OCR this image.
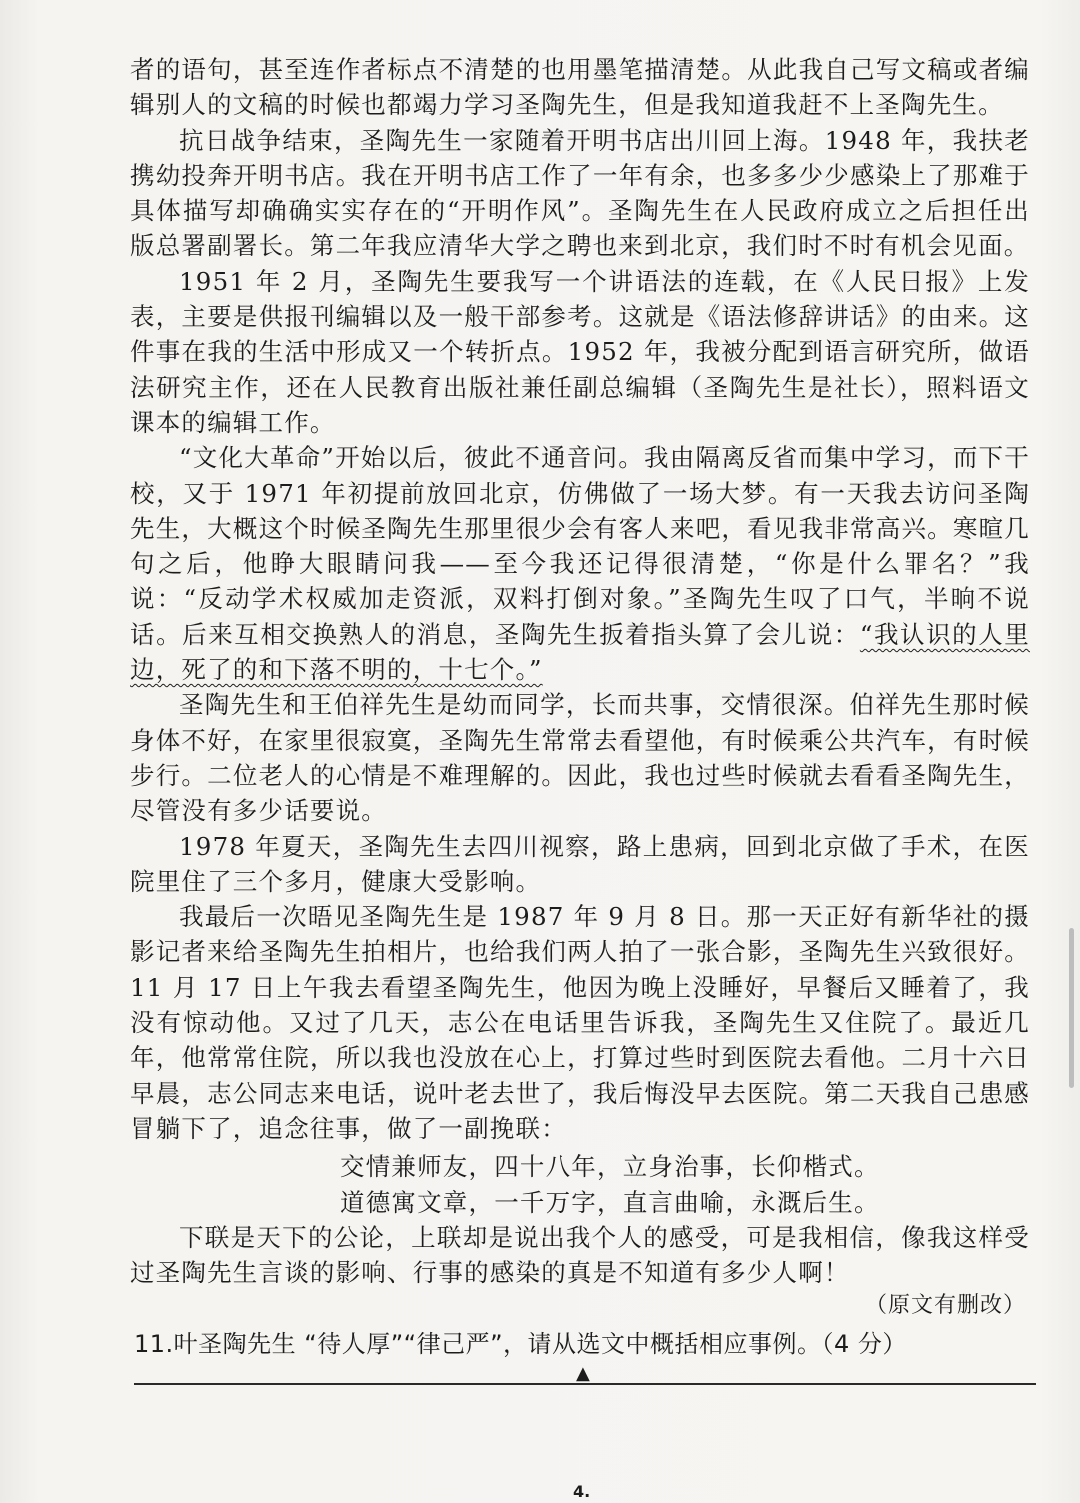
者的语句，甚至连作者标点不清楚的也用墨笔描清楚。从此我自己写文稿或者编辑别人的文稿的时候也都竭力学习圣陶先生，但是我知道我赶不上圣陶先生。

抗日战争结束，圣陶先生一家随着开明书店出川回上海。1948 年，我扶老携幼投奔开明书店。我在开明书店工作了一年有余，也多多少少感染上了那难于具体描写却确确实实存在的“开明作风”。圣陶先生在人民政府成立之后担任出版总署副署长。第二年我应清华大学之聘也来到北京，我们时不时有机会见面。

1951 年 2 月，圣陶先生要我写一个讲语法的连载，在《人民日报》上发表，主要是供报刊编辑以及一般干部参考。这就是《语法修辞讲话》的由来。这件事在我的生活中形成又一个转折点。1952 年，我被分配到语言研究所，做语法研究主作，还在人民教育出版社兼任副总编辑（圣陶先生是社长），照料语文课本的编辑工作。

“文化大革命”开始以后，彼此不通音问。我由隔离反省而集中学习，而下干校，又于 1971 年初提前放回北京，仿佛做了一场大梦。有一天我去访问圣陶先生，大概这个时候圣陶先生那里很少会有客人来吧，看见我非常高兴。寒暄几句之后，他睁大眼睛问我——至今我还记得很清楚，“你是什么罪名？”我说：“反动学术权威加走资派，双料打倒对象。”圣陶先生叹了口气，半晌不说话。后来互相交换熟人的消息，圣陶先生扳着指头算了会儿说：“我认识的人里边，死了的和下落不明的，十七个。”

圣陶先生和王伯祥先生是幼而同学，长而共事，交情很深。伯祥先生那时候身体不好，在家里很寂寞，圣陶先生常常去看望他，有时候乘公共汽车，有时候步行。二位老人的心情是不难理解的。因此，我也过些时候就去看看圣陶先生，尽管没有多少话要说。

1978 年夏天，圣陶先生去四川视察，路上患病，回到北京做了手术，在医院里住了三个多月，健康大受影响。

我最后一次晤见圣陶先生是 1987 年 9 月 8 日。那一天正好有新华社的摄影记者来给圣陶先生拍相片，也给我们两人拍了一张合影，圣陶先生兴致很好。11 月 17 日上午我去看望圣陶先生，他因为晚上没睡好，早餐后又睡着了，我没有惊动他。又过了几天，志公在电话里告诉我，圣陶先生又住院了。最近几年，他常常住院，所以我也没放在心上，打算过些时到医院去看他。二月十六日早晨，志公同志来电话，说叶老去世了，我后悔没早去医院。第二天我自己患感冒躺下了，追念往事，做了一副挽联：

交情兼师友，四十八年，立身治事，长仰楷式。
道德寓文章，一千万字，直言曲喻，永溉后生。

下联是天下的公论，上联却是说出我个人的感受，可是我相信，像我这样受过圣陶先生言谈的影响、行事的感染的真是不知道有多少人啊！

（原文有删改）
11.叶圣陶先生 “待人厚”“律己严”，请从选文中概括相应事例。（4 分）
▲
4.
